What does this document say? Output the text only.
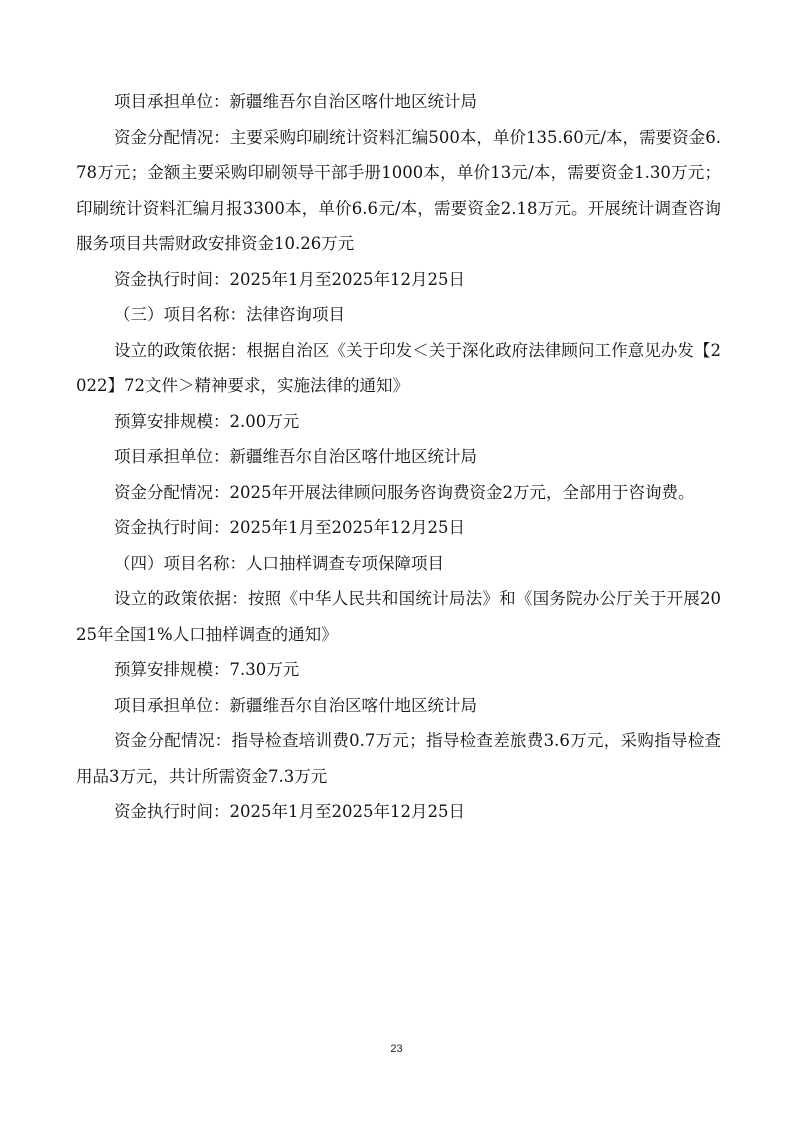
项目承担单位：新疆维吾尔自治区喀什地区统计局

资金分配情况：主要采购印刷统计资料汇编500本，单价135.60元/本，需要资金6.78万元；金额主要采购印刷领导干部手册1000本，单价13元/本，需要资金1.30万元；印刷统计资料汇编月报3300本，单价6.6元/本，需要资金2.18万元。开展统计调查咨询服务项目共需财政安排资金10.26万元

资金执行时间：2025年1月至2025年12月25日

（三）项目名称：法律咨询项目

设立的政策依据：根据自治区《关于印发＜关于深化政府法律顾问工作意见办发【2022】72文件＞精神要求，实施法律的通知》

预算安排规模：2.00万元

项目承担单位：新疆维吾尔自治区喀什地区统计局

资金分配情况：2025年开展法律顾问服务咨询费资金2万元，全部用于咨询费。

资金执行时间：2025年1月至2025年12月25日

（四）项目名称：人口抽样调查专项保障项目

设立的政策依据：按照《中华人民共和国统计局法》和《国务院办公厅关于开展2025年全国1%人口抽样调查的通知》

预算安排规模：7.30万元

项目承担单位：新疆维吾尔自治区喀什地区统计局

资金分配情况：指导检查培训费0.7万元；指导检查差旅费3.6万元，采购指导检查用品3万元，共计所需资金7.3万元

资金执行时间：2025年1月至2025年12月25日

23
